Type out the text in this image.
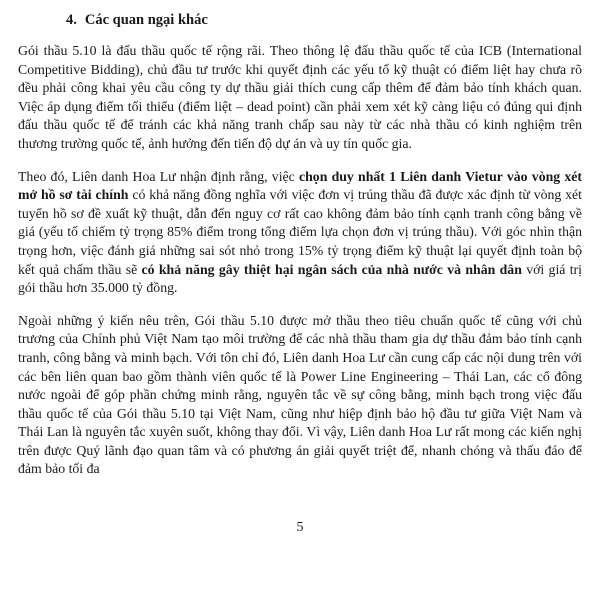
4. Các quan ngại khác

Gói thầu 5.10 là đấu thầu quốc tế rộng rãi. Theo thông lệ đấu thầu quốc tế của ICB (International Competitive Bidding), chủ đầu tư trước khi quyết định các yếu tố kỹ thuật có điểm liệt hay chưa rõ đều phải công khai yêu cầu công ty dự thầu giải thích cung cấp thêm để đảm bảo tính khách quan. Việc áp dụng điểm tối thiểu (điểm liệt – dead point) cần phải xem xét kỹ càng liệu có đúng qui định đấu thầu quốc tế để tránh các khả năng tranh chấp sau này từ các nhà thầu có kinh nghiệm trên thương trường quốc tế, ảnh hưởng đến tiến độ dự án và uy tín quốc gia.

Theo đó, Liên danh Hoa Lư nhận định rằng, việc chọn duy nhất 1 Liên danh Vietur vào vòng xét mở hồ sơ tài chính có khả năng đồng nghĩa với việc đơn vị trúng thầu đã được xác định từ vòng xét tuyển hồ sơ đề xuất kỹ thuật, dẫn đến nguy cơ rất cao không đảm bảo tính cạnh tranh công bằng về giá (yếu tố chiếm tỷ trọng 85% điểm trong tổng điểm lựa chọn đơn vị trúng thầu). Với góc nhìn thận trọng hơn, việc đánh giá những sai sót nhỏ trong 15% tỷ trọng điểm kỹ thuật lại quyết định toàn bộ kết quả chấm thầu sẽ có khả năng gây thiệt hại ngân sách của nhà nước và nhân dân với giá trị gói thầu hơn 35.000 tỷ đồng.

Ngoài những ý kiến nêu trên, Gói thầu 5.10 được mở thầu theo tiêu chuẩn quốc tế cũng với chủ trương của Chính phủ Việt Nam tạo môi trường để các nhà thầu tham gia dự thầu đảm bảo tính cạnh tranh, công bằng và minh bạch. Với tôn chỉ đó, Liên danh Hoa Lư cần cung cấp các nội dung trên với các bên liên quan bao gồm thành viên quốc tế là Power Line Engineering – Thái Lan, các cổ đông nước ngoài để góp phần chứng minh rằng, nguyên tắc về sự công bằng, minh bạch trong việc đấu thầu quốc tế của Gói thầu 5.10 tại Việt Nam, cũng như hiệp định bảo hộ đầu tư giữa Việt Nam và Thái Lan là nguyên tắc xuyên suốt, không thay đổi. Vì vậy, Liên danh Hoa Lư rất mong các kiến nghị trên được Quý lãnh đạo quan tâm và có phương án giải quyết triệt để, nhanh chóng và thấu đáo để đảm bảo tối đa

5
